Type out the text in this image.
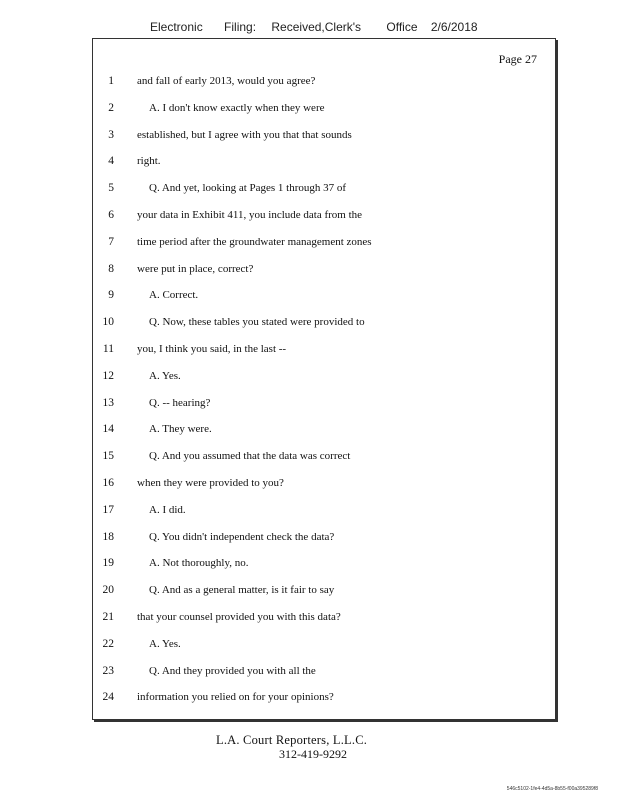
Electronic Filing: Received,Clerk's Office 2/6/2018
Page 27
1 and fall of early 2013, would you agree?
2	A. I don't know exactly when they were
3 established, but I agree with you that that sounds
4 right.
5	Q. And yet, looking at Pages 1 through 37 of
6 your data in Exhibit 411, you include data from the
7 time period after the groundwater management zones
8 were put in place, correct?
9	A. Correct.
10	Q. Now, these tables you stated were provided to
11 you, I think you said, in the last --
12	A. Yes.
13	Q. -- hearing?
14	A. They were.
15	Q. And you assumed that the data was correct
16 when they were provided to you?
17	A. I did.
18	Q. You didn't independent check the data?
19	A. Not thoroughly, no.
20	Q. And as a general matter, is it fair to say
21 that your counsel provided you with this data?
22	A. Yes.
23	Q. And they provided you with all the
24 information you relied on for your opinions?
L.A. Court Reporters, L.L.C.
312-419-9292
546c5102-1fe4-4d5a-8b55-f00a395289f8
